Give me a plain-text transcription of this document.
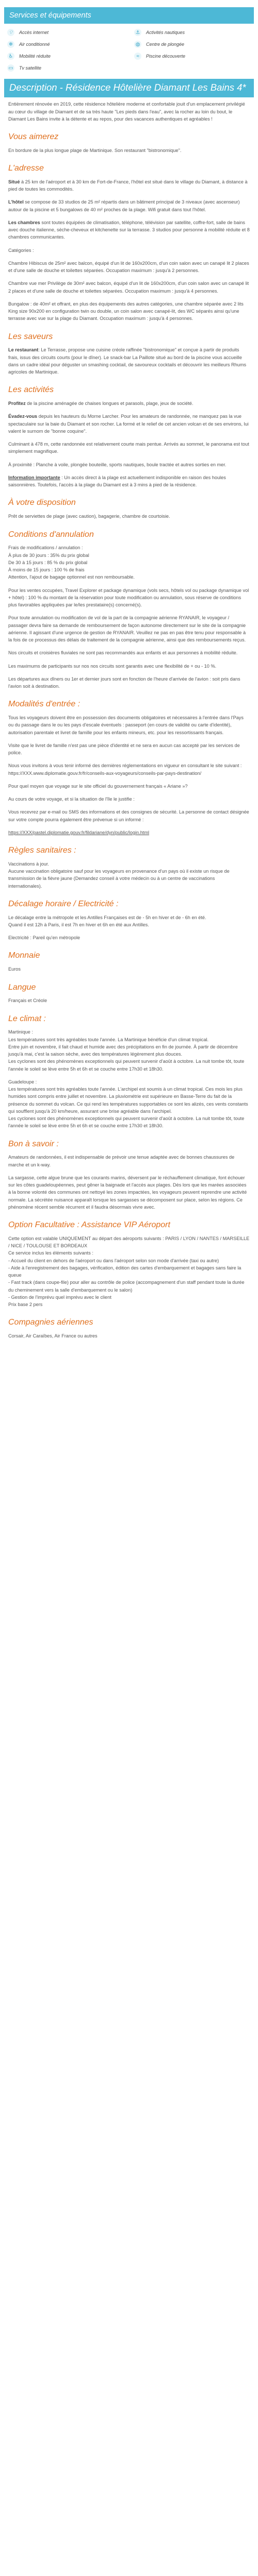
Services et équipements
⌔ Accès internet	⚓	Activités nautiques
❄	Air conditionné	◍ Centre de plongée
♿ Mobilité réduite	≈	Piscine découverte
▭ Tv satellite
Description - Résidence Hôtelière Diamant Les Bains 4*

Entièrement rénovée en 2019, cette résidence hôtelière moderne et confortable jouit d'un emplacement privilégié au cœur du village de Diamant et de sa très haute "Les pieds dans l'eau", avec la rocher au loin du bout, le Diamant Les Bains invite à la détente et au repos, pour des vacances authentiques et agréables !

Vous aimerez

En bordure de la plus longue plage de Martinique. Son restaurant "bistronomique".

L'adresse

Situé à 25 km de l'aéroport et à 30 km de Fort-de-France, l'hôtel est situé dans le village du Diamant, à distance à pied de toutes les commodités.

L'hôtel se compose de 33 studios de 25 m² répartis dans un bâtiment principal de 3 niveaux (avec ascenseur) autour de la piscine et 5 bungalows de 40 m² proches de la plage. Wifi gratuit dans tout l'hôtel.

Les chambres sont toutes équipées de climatisation, téléphone, télévision par satellite, coffre-fort, salle de bains avec douche italienne, sèche-cheveux et kitchenette sur la terrasse. 3 studios pour personne à mobilité réduite et 8 chambres communicantes.

Catégories :

Chambre Hibiscus de 25m² avec balcon, équipé d'un lit de 160x200cm, d'un coin salon avec un canapé lit 2 places et d'une salle de douche et toilettes séparées. Occupation maximum : jusqu'à 2 personnes.

Chambre vue mer Privilège de 30m² avec balcon, équipé d'un lit de 160x200cm, d'un coin salon avec un canapé lit 2 places et d'une salle de douche et toilettes séparées. Occupation maximum : jusqu'à 4 personnes.

Bungalow : de 40m² et offrant, en plus des équipements des autres catégories, une chambre séparée avec 2 lits King size 90x200 en configuration twin ou double, un coin salon avec canapé-lit, des WC séparés ainsi qu'une terrasse avec vue sur la plage du Diamant. Occupation maximum : jusqu'à 4 personnes.

Les saveurs

Le restaurant: Le Terrasse, propose une cuisine créole raffinée "bistronomique" et conçue à partir de produits frais, issus des circuits courts (pour le dîner). Le snack-bar La Paillote situé au bord de la piscine vous accueille dans un cadre idéal pour déguster un smashing cocktail, de savoureux cocktails et découvrir les meilleurs Rhums agricoles de Martinique.

Les activités

Profitez de la piscine aménagée de chaises longues et parasols, plage, jeux de société.

Évadez-vous depuis les hauteurs du Morne Larcher. Pour les amateurs de randonnée, ne manquez pas la vue spectaculaire sur la baie du Diamant et son rocher. La formé et le relief de cet ancien volcan et de ses environs, lui valent le surnom de "bonne coquine".

Culminant à 478 m, cette randonnée est relativement courte mais pentue. Arrivés au sommet, le panorama est tout simplement magnifique.

À proximité : Planche à voile, plongée bouteille, sports nautiques, boule tractée et autres sorties en mer.

Information importante : Un accès direct à la plage est actuellement indisponible en raison des houles saisonnières. Toutefois, l'accès à la plage du Diamant est à 3 mins à pied de la résidence.

À votre disposition

Prêt de serviettes de plage (avec caution), bagagerie, chambre de courtoisie.

Conditions d'annulation
Frais de modifications / annulation :
À plus de 30 jours : 35% du prix global
De 30 à 15 jours : 85 % du prix global
À moins de 15 jours : 100 % de frais
Attention, l'ajout de bagage optionnel est non remboursable.

Pour les ventes occupées, Travel Explorer et package dynamique (vols secs, hôtels vol ou package dynamique vol + hôtel) : 100 % du montant de la réservation pour toute modification ou annulation, sous réserve de conditions plus favorables appliquées par le/les prestataire(s) concerné(s).

Pour toute annulation ou modification de vol de la part de la compagnie aérienne RYANAIR, le voyageur / passager devra faire sa demande de remboursement de façon autonome directement sur le site de la compagnie aérienne. Il agissant d'une urgence de gestion de RYANAIR. Veuillez ne pas en pas être tenu pour responsable à la fois de ce processus des délais de traitement de la compagnie aérienne, ainsi que des remboursements reçus.

Nos circuits et croisières fluviales ne sont pas recommandés aux enfants et aux personnes à mobilité réduite.

Les maximums de participants sur nos nos circuits sont garantis avec une flexibilité de + ou - 10 %.

Les départures aux dîners ou 1er et dernier jours sont en fonction de l'heure d'arrivée de l'avion : soit pris dans l'avion soit à destination.

Modalités d'entrée :

Tous les voyageurs doivent être en possession des documents obligatoires et nécessaires à l'entrée dans l'Pays ou du passage dans le ou les pays d'escale éventuels : passeport (en cours de validité ou carte d'identité), autorisation parentale et livret de famille pour les enfants mineurs, etc. pour les ressortissants français.

Visite que le livret de famille n'est pas une pièce d'identité et ne sera en aucun cas accepté par les services de police.

Nous vous invitons à vous tenir informé des dernières réglementations en vigueur en consultant le site suivant : https://XXX.www.diplomatie.gouv.fr/fr/conseils-aux-voyageurs/conseils-par-pays-destination/

Pour quel moyen que voyage sur le site officiel du gouvernement français « Ariane »?

Au cours de votre voyage, et si la situation de l'île le justifie :

Vous recevrez par e-mail ou SMS des informations et des consignes de sécurité. La personne de contact désignée sur votre compte pourra également être prévenue si un informé :

https://XXX/pastel.diplomatie.gouv.fr/fildariane/dyn/public/login.html

Règles sanitaires :

Vaccinations à jour.
Aucune vaccination obligatoire sauf pour les voyageurs en provenance d'un pays où il existe un risque de transmission de la fièvre jaune (Demandez conseil à votre médecin ou à un centre de vaccinations internationales).

Décalage horaire / Electricité :

Le décalage entre la métropole et les Antilles Françaises est de - 5h en hiver et de - 6h en été.
Quand il est 12h à Paris, il est 7h en hiver et 6h en été aux Antilles.

Electricité : Pareil qu'en métropole

Monnaie

Euros

Langue

Français et Créole

Le climat :

Martinique :

Les températures sont très agréables toute l'année. La Martinique bénéficie d'un climat tropical.
Entre juin et novembre, il fait chaud et humide avec des précipitations en fin de journée. À partir de décembre jusqu'à mai, c'est la saison sèche, avec des températures légèrement plus douces.
Les cyclones sont des phénomènes exceptionnels qui peuvent survenir d'août à octobre. La nuit tombe tôt, toute l'année le soleil se lève entre 5h et 6h et se couche entre 17h30 et 18h30.

Guadeloupe :

Les températures sont très agréables toute l'année. L'archipel est soumis à un climat tropical. Ces mois les plus humides sont compris entre juillet et novembre. La pluviométrie est supérieure en Basse-Terre du fait de la présence du sommet du volcan. Ce qui rend les températures supportables ce sont les alizés, ces vents constants qui soufflent jusqu'à 20 km/heure, assurant une brise agréable dans l'archipel.
Les cyclones sont des phénomènes exceptionnels qui peuvent survenir d'août à octobre. La nuit tombe tôt, toute l'année le soleil se lève entre 5h et 6h et se couche entre 17h30 et 18h30.

Bon à savoir :

Amateurs de randonnées, il est indispensable de prévoir une tenue adaptée avec de bonnes chaussures de marche et un k-way.

La sargasse, cette algue brune que les courants marins, déversent par le réchauffement climatique, font échouer sur les côtes guadeloupéennes, peut gêner la baignade et l'accès aux plages. Dès lors que les marées associées à la bonne volonté des communes ont nettoyé les zones impactées, les voyageurs peuvent reprendre une activité normale. La sécrétée nuisance apparaît lorsque les sargasses se décomposent sur place, selon les régions. Ce phénomène récent semble récurrent et il faudra désormais vivre avec.

Option Facultative : Assistance VIP Aéroport

Cette option est valable UNIQUEMENT au départ des aéroports suivants : PARIS / LYON / NANTES / MARSEILLE / NICE / TOULOUSE ET BORDEAUX
Ce service inclus les éléments suivants :
- Accueil du client en dehors de l'aéroport ou dans l'aéroport selon son mode d'arrivée (taxi ou autre)
- Aide à l'enregistrement des bagages, vérification, édition des cartes d'embarquement et bagages sans faire la queue
- Fast track (dans coupe-file) pour aller au contrôle de police (accompagnement d'un staff pendant toute la durée du cheminement vers la salle d'embarquement ou le salon)
- Gestion de l'imprévu quel imprévu avec le client
Prix base 2 pers

Compagnies aériennes

Corsair, Air Caraïbes, Air France ou autres
